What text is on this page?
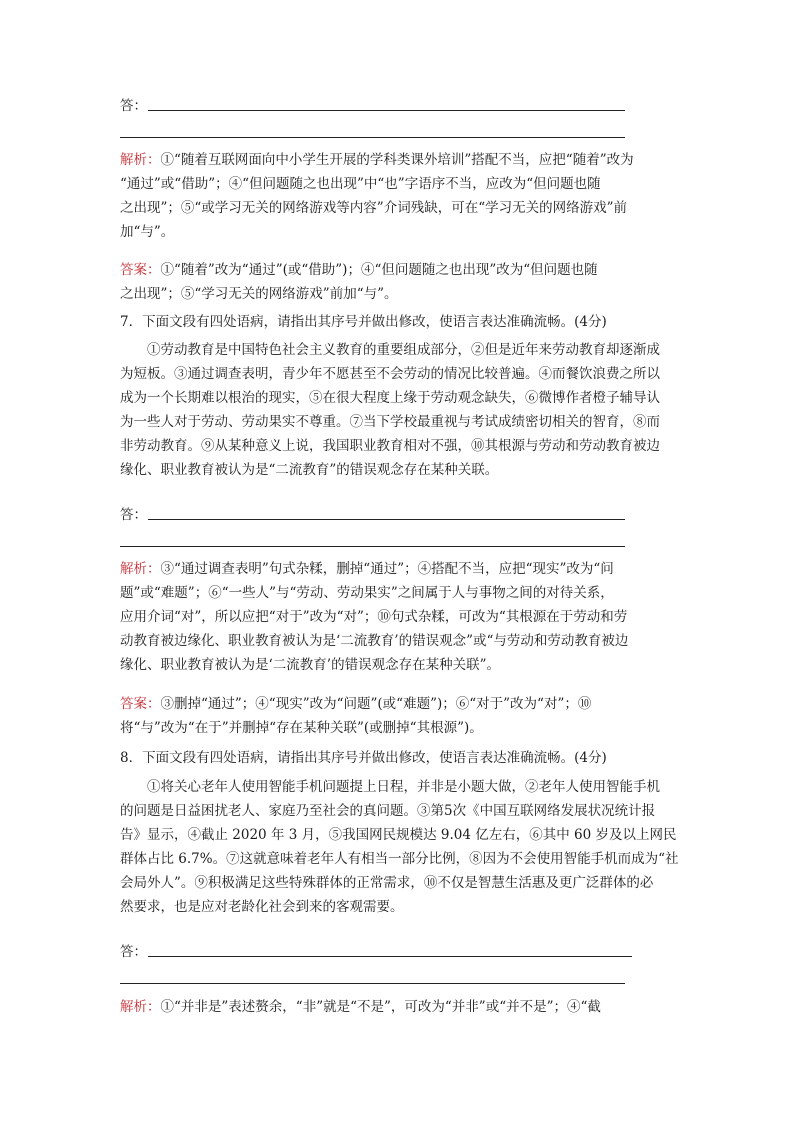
答：
解析：①“随着互联网面向中小学生开展的学科类课外培训”搭配不当，应把“随着”改为
“通过”或“借助”；④“但问题随之也出现”中“也”字语序不当，应改为“但问题也随
之出现”；⑤“或学习无关的网络游戏等内容”介词残缺，可在“学习无关的网络游戏”前
加“与”。
答案：①“随着”改为“通过”(或“借助”)；④“但问题随之也出现”改为“但问题也随
之出现”；⑤“学习无关的网络游戏”前加“与”。
7．下面文段有四处语病，请指出其序号并做出修改，使语言表达准确流畅。(4分)
①劳动教育是中国特色社会主义教育的重要组成部分，②但是近年来劳动教育却逐渐成
为短板。③通过调查表明，青少年不愿甚至不会劳动的情况比较普遍。④而餐饮浪费之所以
成为一个长期难以根治的现实，⑤在很大程度上缘于劳动观念缺失，⑥微博作者橙子辅导认
为一些人对于劳动、劳动果实不尊重。⑦当下学校最重视与考试成绩密切相关的智育，⑧而
非劳动教育。⑨从某种意义上说，我国职业教育相对不强，⑩其根源与劳动和劳动教育被边
缘化、职业教育被认为是“二流教育”的错误观念存在某种关联。
答：
解析：③“通过调查表明”句式杂糅，删掉“通过”；④搭配不当，应把“现实”改为“问
题”或“难题”；⑥“一些人”与“劳动、劳动果实”之间属于人与事物之间的对待关系，
应用介词“对”，所以应把“对于”改为“对”；⑩句式杂糅，可改为“其根源在于劳动和劳
动教育被边缘化、职业教育被认为是‘二流教育’的错误观念”或“与劳动和劳动教育被边
缘化、职业教育被认为是‘二流教育’的错误观念存在某种关联”。
答案：③删掉“通过”；④“现实”改为“问题”(或“难题”)；⑥“对于”改为“对”；⑩
将“与”改为“在于”并删掉“存在某种关联”(或删掉“其根源”)。
8．下面文段有四处语病，请指出其序号并做出修改，使语言表达准确流畅。(4分)
①将关心老年人使用智能手机问题提上日程，并非是小题大做，②老年人使用智能手机
的问题是日益困扰老人、家庭乃至社会的真问题。③第5次《中国互联网络发展状况统计报
告》显示，④截止 2020 年 3 月，⑤我国网民规模达 9.04 亿左右，⑥其中 60 岁及以上网民
群体占比 6.7%。⑦这就意味着老年人有相当一部分比例，⑧因为不会使用智能手机而成为“社
会局外人”。⑨积极满足这些特殊群体的正常需求，⑩不仅是智慧生活惠及更广泛群体的必
然要求，也是应对老龄化社会到来的客观需要。
答：
解析：①“并非是”表述赘余，“非”就是“不是”，可改为“并非”或“并不是”；④“截
